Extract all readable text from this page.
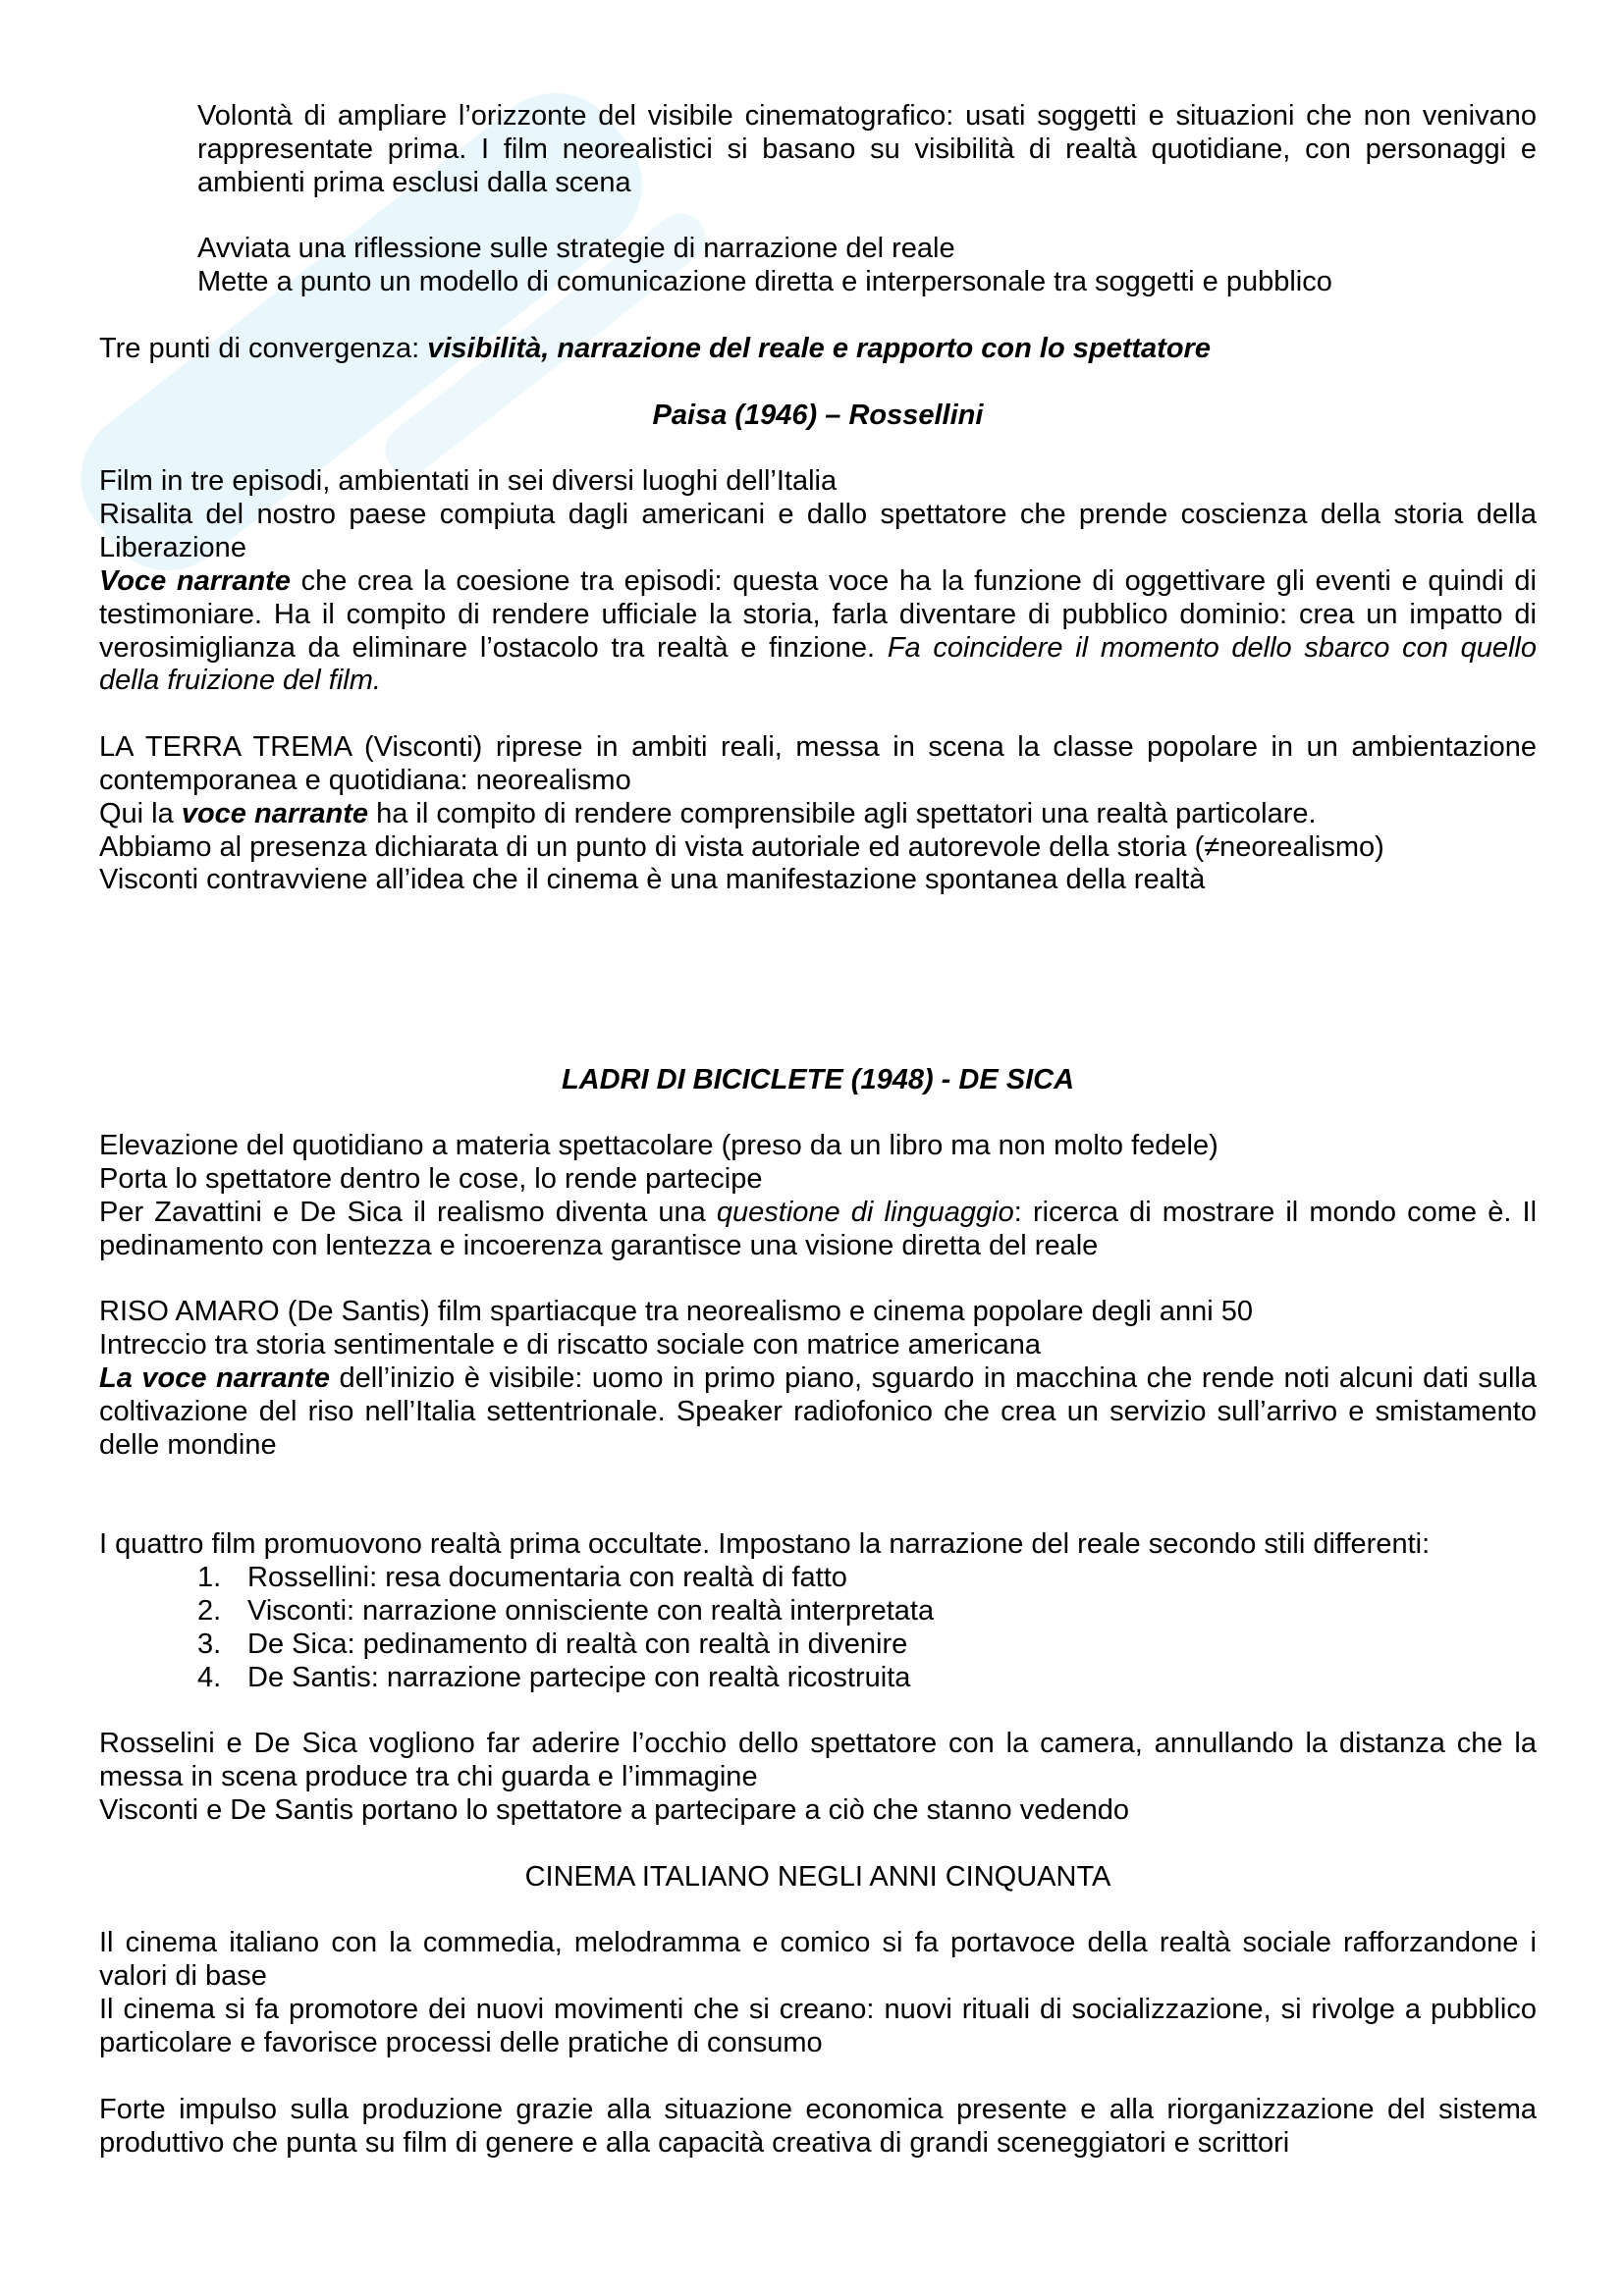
Volontà di ampliare l’orizzonte del visibile cinematografico: usati soggetti e situazioni che non venivano
rappresentate prima. I film neorealistici si basano su visibilità di realtà quotidiane, con personaggi e
ambienti prima esclusi dalla scena
Avviata una riflessione sulle strategie di narrazione del reale
Mette a punto un modello di comunicazione diretta e interpersonale tra soggetti e pubblico
Tre punti di convergenza: visibilità, narrazione del reale e rapporto con lo spettatore
Paisa (1946) – Rossellini
Film in tre episodi, ambientati in sei diversi luoghi dell’Italia
Risalita del nostro paese compiuta dagli americani e dallo spettatore che prende coscienza della storia della
Liberazione
Voce narrante che crea la coesione tra episodi: questa voce ha la funzione di oggettivare gli eventi e quindi di
testimoniare. Ha il compito di rendere ufficiale la storia, farla diventare di pubblico dominio: crea un impatto di
verosimiglianza da eliminare l’ostacolo tra realtà e finzione. Fa coincidere il momento dello sbarco con quello
della fruizione del film.
LA TERRA TREMA (Visconti) riprese in ambiti reali, messa in scena la classe popolare in un ambientazione
contemporanea e quotidiana: neorealismo
Qui la voce narrante ha il compito di rendere comprensibile agli spettatori una realtà particolare.
Abbiamo al presenza dichiarata di un punto di vista autoriale ed autorevole della storia (≠neorealismo)
Visconti contravviene all’idea che il cinema è una manifestazione spontanea della realtà
LADRI DI BICICLETE (1948) - DE SICA
Elevazione del quotidiano a materia spettacolare (preso da un libro ma non molto fedele)
Porta lo spettatore dentro le cose, lo rende partecipe
Per Zavattini e De Sica il realismo diventa una questione di linguaggio: ricerca di mostrare il mondo come è. Il
pedinamento con lentezza e incoerenza garantisce una visione diretta del reale
RISO AMARO (De Santis) film spartiacque tra neorealismo e cinema popolare degli anni 50
Intreccio tra storia sentimentale e di riscatto sociale con matrice americana
La voce narrante dell’inizio è visibile: uomo in primo piano, sguardo in macchina che rende noti alcuni dati sulla
coltivazione del riso nell’Italia settentrionale. Speaker radiofonico che crea un servizio sull’arrivo e smistamento
delle mondine
I quattro film promuovono realtà prima occultate. Impostano la narrazione del reale secondo stili differenti:
1. Rossellini: resa documentaria con realtà di fatto
2. Visconti: narrazione onnisciente con realtà interpretata
3. De Sica: pedinamento di realtà con realtà in divenire
4. De Santis: narrazione partecipe con realtà ricostruita
Rosselini e De Sica vogliono far aderire l’occhio dello spettatore con la camera, annullando la distanza che la
messa in scena produce tra chi guarda e l’immagine
Visconti e De Santis portano lo spettatore a partecipare a ciò che stanno vedendo
CINEMA ITALIANO NEGLI ANNI CINQUANTA
Il cinema italiano con la commedia, melodramma e comico si fa portavoce della realtà sociale rafforzandone i
valori di base
Il cinema si fa promotore dei nuovi movimenti che si creano: nuovi rituali di socializzazione, si rivolge a pubblico
particolare e favorisce processi delle pratiche di consumo
Forte impulso sulla produzione grazie alla situazione economica presente e alla riorganizzazione del sistema
produttivo che punta su film di genere e alla capacità creativa di grandi sceneggiatori e scrittori
